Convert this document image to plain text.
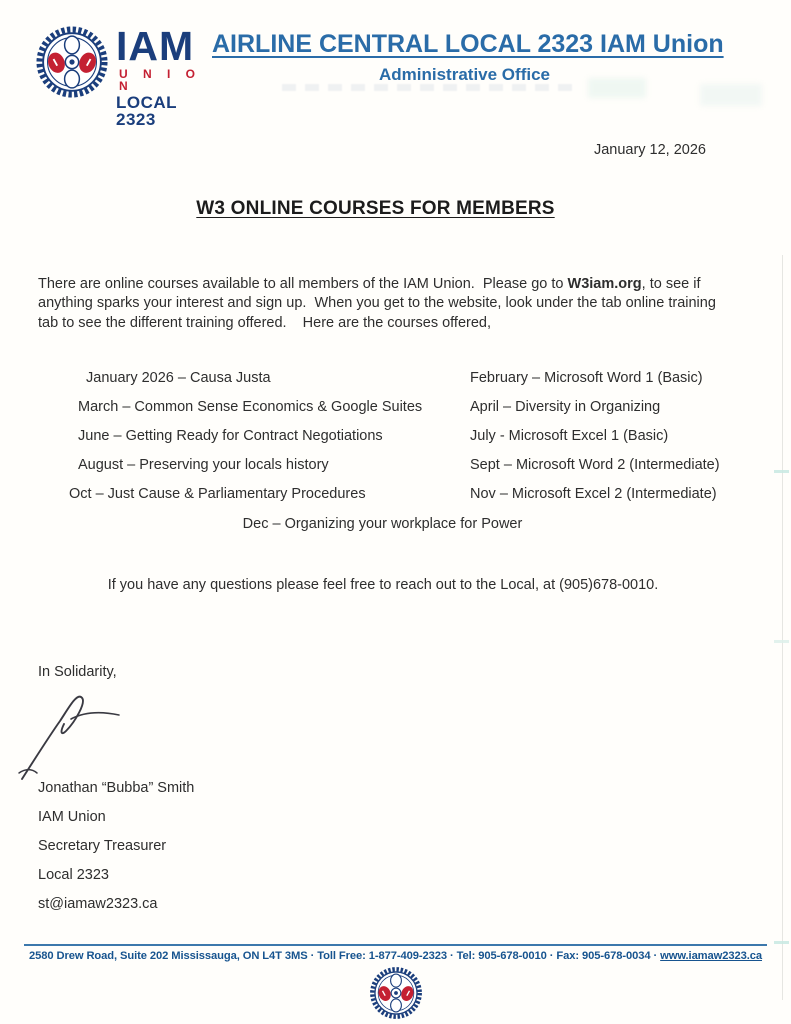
IAM
U N I O N
LOCAL 2323
AIRLINE CENTRAL LOCAL 2323 IAM Union
Administrative Office
January 12, 2026
W3 ONLINE COURSES FOR MEMBERS
There are online courses available to all members of the IAM Union.  Please go to W3iam.org, to see if anything sparks your interest and sign up.  When you get to the website, look under the tab online training tab to see the different training offered.    Here are the courses offered,
January 2026 – Causa Justa	February – Microsoft Word 1 (Basic)
March – Common Sense Economics & Google Suites	April – Diversity in Organizing
June – Getting Ready for Contract Negotiations	July - Microsoft Excel 1 (Basic)
August – Preserving your locals history	Sept – Microsoft Word 2 (Intermediate)
Oct – Just Cause & Parliamentary Procedures	Nov – Microsoft Excel 2 (Intermediate)
Dec – Organizing your workplace for Power
If you have any questions please feel free to reach out to the Local, at (905)678-0010.
In Solidarity,
Jonathan “Bubba” Smith
IAM Union
Secretary Treasurer
Local 2323
st@iamaw2323.ca
2580 Drew Road, Suite 202 Mississauga, ON L4T 3MS · Toll Free: 1-877-409-2323 · Tel: 905-678-0010 · Fax: 905-678-0034 · www.iamaw2323.ca
